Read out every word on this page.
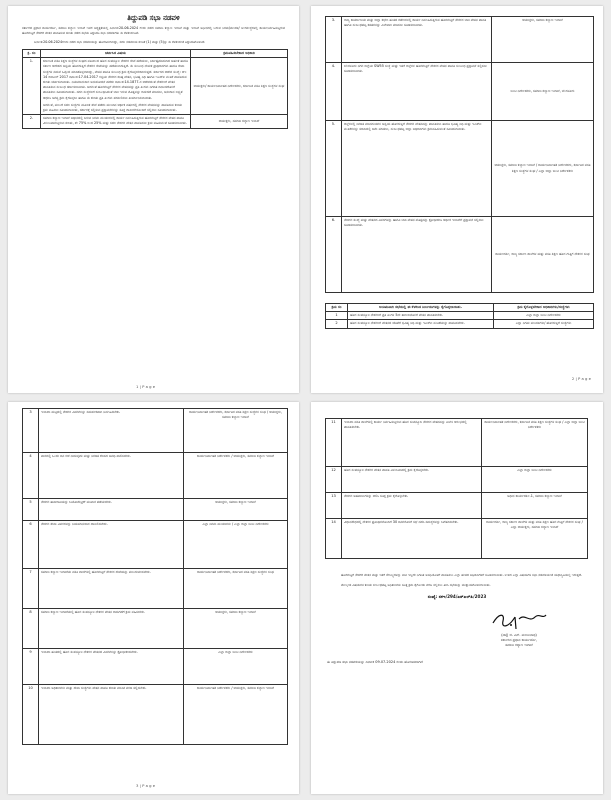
ತಿದ್ದುಪಡಿ ಸಭಾ ನಡವಳಿ
ಸರ್ಕಾರದ ಪ್ರಧಾನ ಕಾರ್ಯದರ್ಶಿ, ಸಮಾಜ ಕಲ್ಯಾಣ ಇಲಾಖೆ ಇವರ ಅಧ್ಯಕ್ಷತೆಯಲ್ಲಿ ದಿನಾಂಕ:20-06-2024 ರಂದು ನಡೆದ ಸಮಾಜ ಕಲ್ಯಾಣ ಇಲಾಖೆ ಮತ್ತು ಇಲಾಖೆ ಅಧೀನದಲ್ಲಿ ಬರುವ ನಿಗಮ/ಮಂಡಳಿ/ ಅಂಗಸಂಸ್ಥೆಗಳಲ್ಲಿ ಕಾರ್ಯನಿರ್ವಹಿಸುತ್ತಿರುವ ಹೊರಗುತ್ತಿಗೆ ನೌಕರರ ವೇತನ ಪಾವತಿಸುವ ಕುರಿತು ನಡೆದ ಸಭೆಯ ತಿದ್ದುಪಡಿ ಸಭಾ ನಡವಳಿಗಳು ಈ ಕೆಳಕಂಡಂತಿವೆ.
ದಿನಾಂಕ:20.06.2024ರಂದು ನಡೆದ ಸಭಾ ನಡವಳಿಯನ್ನು ಹೊರಡಿಸಲಾಗಿದ್ದು, ಸದರಿ ನಡವಳಿಯ ಕಂಡಿಕೆ (1) ಮತ್ತು (5)ನ್ನು ಈ ಕೆಳಕಂಡಂತೆ ತಿದ್ದುಪಡಿಗೊಳಿಸಿದೆ.
ಕ್ರ. ಸಂ	ಚರ್ಚಿಸಿದ ವಿಷಯ	ಕ್ರಮವಹಿಸಬೇಕಾದ ಅಧಿಕಾರಿ
1.	ಕರ್ನಾಟಕ ವಸತಿ ಶಿಕ್ಷಣ ಸಂಸ್ಥೆಗಳ ಸಂಘದ ವತಿಯಿಂದ ಹೊರ ಸಂಪನ್ಮೂಲ ನೌಕರರ ಸೇವೆ ಪಡೆಯಲು, ನಿರ್ದಿಷ್ಟಪಡಿಸಲಾದ ಅರ್ಹತೆ ಹಾಗೂ ಸರ್ಕಾರಿ ಆದೇಶದ ಅನ್ವಯ ಹೊರಗುತ್ತಿಗೆ ನೌಕರರ ಸೇವೆಯನ್ನು ಪಡೆಯಲಾಗುತ್ತಿದೆ. ಈ ಸಂಬಂಧ ನೇಮಕ ಪ್ರಾಧಿಕಾರಗಳು ಹಾಗೂ ಸೇವಾ ಸಂಸ್ಥೆಗಳ ನಡುವೆ ಒಪ್ಪಂದ ಮಾಡಿಕೊಳ್ಳಲಾಗಿದ್ದು, ವೇತನ ಪಾವತಿ ಸಂಬಂಧ ಕ್ರಮ ಕೈಗೊಳ್ಳಬೇಕಾಗಿರುತ್ತದೆ. ಸರ್ಕಾರದ ಆದೇಶ ಸಂಖ್ಯೆ: ಆಇ 14 ಬಿಜಿಎಲ್ 2017 ದಿನಾಂಕ:17.04.2017 ರನ್ವಯ ನೌಕರರ ಕನಿಷ್ಠ ವೇತನ, ಭವಿಷ್ಯ ನಿಧಿ ಹಾಗೂ ಇಎಸ್‌ಐ ವಂತಿಕೆ ಪಾವತಿಸುವ ಕುರಿತು ಚರ್ಚಿಸಲಾಯಿತು. ನಿಯಮಾನುಸಾರ ಅನುಮೋದನೆ ಪಡೆದು ದಿನಾಂಕ:14.1877-ರ ಆದೇಶದಂತೆ ನೌಕರರಿಗೆ ವೇತನ ಪಾವತಿಸುವ ಸಂಬಂಧ ಚರ್ಚಿಸಲಾಯಿತು. ಅದರಂತೆ ಹೊರಗುತ್ತಿಗೆ ನೌಕರರ ವೇತನವನ್ನು ಪ್ರತಿ ತಿಂಗಳು ನಿಗದಿತ ದಿನಾಂಕದೊಳಗೆ ಪಾವತಿಸಲು ಸೂಚಿಸಲಾಯಿತು. ಸದರಿ ಸಂಸ್ಥೆಗಳಿಗೆ ಸಂಬಂಧಿಸಿದಂತೆ ಬಾಕಿ ಇರುವ ಮೊತ್ತವನ್ನು ಬಿಡುಗಡೆ ಮಾಡಲು, ಅನುದಾನ ಲಭ್ಯತೆ ಆಧರಿಸಿ ಅಗತ್ಯ ಕ್ರಮ ಕೈಗೊಳ್ಳಲು ಹಾಗೂ ಈ ಕುರಿತು ಪ್ರತಿ ತಿಂಗಳು ಪರಿಶೀಲಿಸಲು ತೀರ್ಮಾನಿಸಲಾಯಿತು.
ಅದರಂತೆ, ಮುಂದೆ ಸದರಿ ಸಂಸ್ಥೆಗಳ ಮೂಲಕ ಸೇವೆ ಪಡೆದು ಮುಂದಿನ ಆರ್ಥಿಕ ವರ್ಷದಲ್ಲಿ ನೌಕರರ ವೇತನವನ್ನು ಪಾವತಿಸುವ ಕುರಿತು ಕ್ರಮ ವಹಿಸಲು ಸೂಚಿಸಲಾಯಿತು, ಸರ್ಕಾರಕ್ಕೆ ಸಲ್ಲಿಸುವ ಪ್ರಸ್ತಾವನೆಗಳನ್ನು ಸೂಕ್ತ ದಾಖಲೆಗಳೊಂದಿಗೆ ಸಲ್ಲಿಸಲು ಸೂಚಿಸಲಾಯಿತು.	ಆಯುಕ್ತರು/ ಕಾರ್ಯನಿರ್ವಾಹಕ ನಿರ್ದೇಶಕರು, ಕರ್ನಾಟಕ ವಸತಿ ಶಿಕ್ಷಣ ಸಂಸ್ಥೆಗಳ ಸಂಘ
2.	ಸಮಾಜ ಕಲ್ಯಾಣ ಇಲಾಖೆ ಅಧೀನದಲ್ಲಿ ಬರುವ ನಿಗಮ ಮಂಡಳಿಗಳಲ್ಲಿ ಕಾರ್ಯ ನಿರ್ವಹಿಸುತ್ತಿರುವ ಹೊರಗುತ್ತಿಗೆ ನೌಕರರ ವೇತನ ಪಾವತಿ ವಿಳಂಬವಾಗುತ್ತಿರುವ ಕುರಿತು, ಶೇ 75% ರಿಂದ 25% ಮತ್ತು ಸದರಿ ನೌಕರರ ವೇತನ ಪಾವತಿಸಲು ಕ್ರಮ ವಹಿಸುವಂತೆ ಸೂಚಿಸಲಾಯಿತು.	ಆಯುಕ್ತರು, ಸಮಾಜ ಕಲ್ಯಾಣ ಇಲಾಖೆ
1 | P a g e
3.	ರಾಜ್ಯ ಕಾರ್ಯಾಲಯ ಮತ್ತು ಜಿಲ್ಲಾ ಕಛೇರಿ ಹಂತದ ಕಚೇರಿಗಳಲ್ಲಿ ಕಾರ್ಯ ನಿರ್ವಹಿಸುತ್ತಿರುವ ಹೊರಗುತ್ತಿಗೆ ನೌಕರರ ಬಾಕಿ ವೇತನ ಪಾವತಿ ಹಾಗೂ ಸಂಬಂಧಪಟ್ಟ ಕಡತಗಳನ್ನು ವಿಲೇವಾರಿ ಮಾಡಲು ಸೂಚಿಸಲಾಯಿತು.	ಆಯುಕ್ತರು, ಸಮಾಜ ಕಲ್ಯಾಣ ಇಲಾಖೆ
4.	ಬೆಂಗಳೂರು ನಗರ ಜಿಲ್ಲೆಯ SW55 ಸಂಸ್ಥೆ ಮತ್ತು ಇತರೆ ಜಿಲ್ಲೆಗಳ ಹೊರಗುತ್ತಿಗೆ ನೌಕರರ ವೇತನ ಪಾವತಿ ಸಂಬಂಧ ಪ್ರಸ್ತಾವನೆ ಸಲ್ಲಿಸಲು ಸೂಚಿಸಲಾಯಿತು.	ಜಂಟಿ ನಿರ್ದೇಶಕರು, ಸಮಾಜ ಕಲ್ಯಾಣ ಇಲಾಖೆ, ಬೆಂಗಳೂರು
5.	ಜಿಲ್ಲೆಗಳಲ್ಲಿ ನಿಗದಿತ ಮಾನದಂಡಗಳ ಅನ್ವಯ ಹೊರಗುತ್ತಿಗೆ ನೌಕರರ ವೇತನವನ್ನು ಪಾವತಿಸಲು ಹಾಗೂ ಭವಿಷ್ಯ ನಿಧಿ ಮತ್ತು ಇಎಸ್‌ಐ ವಂತಿಕೆಗಳನ್ನು ಸಕಾಲದಲ್ಲಿ ಜಮೆ ಮಾಡಲು, ಸಂಬಂಧಪಟ್ಟ ಜಿಲ್ಲಾ ಅಧಿಕಾರಿಗಳು ಕ್ರಮವಹಿಸುವಂತೆ ಸೂಚಿಸಲಾಯಿತು.	ಆಯುಕ್ತರು, ಸಮಾಜ ಕಲ್ಯಾಣ ಇಲಾಖೆ / ಕಾರ್ಯನಿರ್ವಾಹಕ ನಿರ್ದೇಶಕರು, ಕರ್ನಾಟಕ ವಸತಿ ಶಿಕ್ಷಣ ಸಂಸ್ಥೆಗಳ ಸಂಘ / ಎಲ್ಲಾ ಜಿಲ್ಲಾ ಜಂಟಿ ನಿರ್ದೇಶಕರು
6.	ನೌಕರರ ಸಂಖ್ಯೆ ಮತ್ತು ವೇತನದ ವಿವರಗಳನ್ನು ಹಾಗೂ ಬಾಕಿ ವೇತನ ಮೊತ್ತವನ್ನು ಕ್ರೋಢೀಕರಿಸಿ ಆರ್ಥಿಕ ಇಲಾಖೆಗೆ ಪ್ರಸ್ತಾವನೆ ಸಲ್ಲಿಸಲು ಸೂಚಿಸಲಾಯಿತು.	ಕಾರ್ಯದರ್ಶಿ, ರಾಜ್ಯ ಸರ್ಕಾರಿ ಶಾಲೆಗಳ ಮತ್ತು ವಸತಿ ಶಿಕ್ಷಣ ಹೊರ ಗುತ್ತಿಗೆ ನೌಕರರ ಸಂಘ
ಕ್ರಮ ಸಂ	ಅಂತಿಮವಾಗಿ ಸಭೆಯಲ್ಲಿ ಈ ಕೆಳಕಂಡ ನಿರ್ಣಯಗಳನ್ನು ಕೈಗೊಳ್ಳಲಾಯಿತು.	ಕ್ರಮ ಕೈಗೊಳ್ಳಬೇಕಾದ ಅಧಿಕಾರಿಗಳು/ಸಂಸ್ಥೆಗಳು
1	ಹೊರ ಸಂಪನ್ಮೂಲ ನೌಕರರಿಗೆ ಪ್ರತಿ ತಿಂಗಳ 5ನೇ ತಾರೀಖಿನೊಳಗೆ ವೇತನ ಪಾವತಿಸಬೇಕು.	ಎಲ್ಲಾ ಜಿಲ್ಲಾ ಜಂಟಿ ನಿರ್ದೇಶಕರು
2	ಹೊರ ಸಂಪನ್ಮೂಲ ನೌಕರರಿಗೆ ವೇತನದ ಜೊತೆಗೆ ಭವಿಷ್ಯ ನಿಧಿ ಮತ್ತು ಇಎಸ್‌ಐ ವಂತಿಕೆಯನ್ನು ಪಾವತಿಸಬೇಕು.	ಎಲ್ಲಾ ನಿಗಮ ಮಂಡಳಿಗಳು/ ಹೊರಗುತ್ತಿಗೆ ಸಂಸ್ಥೆಗಳು
2 | P a g e
3	ಇಲಾಖಾ ಮಟ್ಟದಲ್ಲಿ ನೌಕರರ ವಿವರಗಳನ್ನು ಸಮರ್ಪಕವಾಗಿ ನಿರ್ವಹಿಸಬೇಕು.	ಕಾರ್ಯನಿರ್ವಾಹಕ ನಿರ್ದೇಶಕರು, ಕರ್ನಾಟಕ ವಸತಿ ಶಿಕ್ಷಣ ಸಂಸ್ಥೆಗಳ ಸಂಘ / ಆಯುಕ್ತರು, ಸಮಾಜ ಕಲ್ಯಾಣ ಇಲಾಖೆ
4	ವಾರದಲ್ಲಿ ಒಂದು ದಿನ ರಜೆ ನೀಡುವುದು ಮತ್ತು ನಿಗದಿತ ಕೆಲಸದ ಅವಧಿ ಪಾಲಿಸಬೇಕು.	ಕಾರ್ಯನಿರ್ವಾಹಕ ನಿರ್ದೇಶಕರು / ಆಯುಕ್ತರು, ಸಮಾಜ ಕಲ್ಯಾಣ ಇಲಾಖೆ
5	ನೌಕರರ ಹಾಜರಾತಿಯನ್ನು ಬಯೋಮೆಟ್ರಿಕ್ ಮೂಲಕ ಪಡೆಯಬೇಕು.	ಆಯುಕ್ತರು, ಸಮಾಜ ಕಲ್ಯಾಣ ಇಲಾಖೆ
6	ನೌಕರರ ಸೇವಾ ವಿವರಗಳನ್ನು ನಿಯಮಾನುಸಾರ ದಾಖಲಿಸಬೇಕು.	ಎಲ್ಲಾ ನಿಗಮ ಮಂಡಳಿಗಳು / ಎಲ್ಲಾ ಜಿಲ್ಲಾ ಜಂಟಿ ನಿರ್ದೇಶಕರು
7	ಸಮಾಜ ಕಲ್ಯಾಣ ಇಲಾಖೆಯ ವಸತಿ ಶಾಲೆಗಳಲ್ಲಿ ಹೊರಗುತ್ತಿಗೆ ನೌಕರರ ಸೇವೆಯನ್ನು ಮುಂದುವರಿಸಬೇಕು.	ಕಾರ್ಯನಿರ್ವಾಹಕ ನಿರ್ದೇಶಕರು, ಕರ್ನಾಟಕ ವಸತಿ ಶಿಕ್ಷಣ ಸಂಸ್ಥೆಗಳ ಸಂಘ
8	ಸಮಾಜ ಕಲ್ಯಾಣ ಇಲಾಖೆಯಲ್ಲಿ ಹೊರ ಸಂಪನ್ಮೂಲ ನೌಕರರ ವೇತನ ಬಿಡುಗಡೆಗೆ ಕ್ರಮ ವಹಿಸಬೇಕು.	ಆಯುಕ್ತರು, ಸಮಾಜ ಕಲ್ಯಾಣ ಇಲಾಖೆ
9	ಇಲಾಖಾ ಹಂತದಲ್ಲಿ ಹೊರ ಸಂಪನ್ಮೂಲ ನೌಕರರ ವೇತನದ ವಿವರಗಳನ್ನು ಕ್ರೋಢೀಕರಿಸಬೇಕು.	ಎಲ್ಲಾ ಜಿಲ್ಲಾ ಜಂಟಿ ನಿರ್ದೇಶಕರು
10	ಇಲಾಖಾ ಅಧಿಕಾರಿಗಳು ಮತ್ತು ಸೇವಾ ಸಂಸ್ಥೆಗಳು ವೇತನ ಪಾವತಿ ಕುರಿತು ಮಾಸಿಕ ವರದಿ ಸಲ್ಲಿಸಬೇಕು.	ಕಾರ್ಯನಿರ್ವಾಹಕ ನಿರ್ದೇಶಕರು / ಆಯುಕ್ತರು, ಸಮಾಜ ಕಲ್ಯಾಣ ಇಲಾಖೆ
3 | P a g e
11	ಇಲಾಖಾ ವಸತಿ ಶಾಲೆಗಳಲ್ಲಿ ಕಾರ್ಯ ನಿರ್ವಹಿಸುತ್ತಿರುವ ಹೊರ ಸಂಪನ್ಮೂಲ ನೌಕರರ ವೇತನವನ್ನು ತಿಂಗಳ ಆರಂಭದಲ್ಲಿ ಪಾವತಿಸಬೇಕು.	ಕಾರ್ಯನಿರ್ವಾಹಕ ನಿರ್ದೇಶಕರು, ಕರ್ನಾಟಕ ವಸತಿ ಶಿಕ್ಷಣ ಸಂಸ್ಥೆಗಳ ಸಂಘ / ಎಲ್ಲಾ ಜಿಲ್ಲಾ ಜಂಟಿ ನಿರ್ದೇಶಕರು
12	ಹೊರ ಸಂಪನ್ಮೂಲ ನೌಕರರ ವೇತನ ಪಾವತಿ ವಿಳಂಬವಾದಲ್ಲಿ ಕ್ರಮ ಕೈಗೊಳ್ಳಬೇಕು.	ಎಲ್ಲಾ ಜಿಲ್ಲಾ ಜಂಟಿ ನಿರ್ದೇಶಕರು
13	ನೌಕರರ ಅಹವಾಲುಗಳನ್ನು ಆಲಿಸಿ ಸೂಕ್ತ ಕ್ರಮ ಕೈಗೊಳ್ಳಬೇಕು.	ಅಧೀನ ಕಾರ್ಯದರ್ಶಿ-1, ಸಮಾಜ ಕಲ್ಯಾಣ ಇಲಾಖೆ
14	ವಿಧಾನಸೌಧದಲ್ಲಿ ನೌಕರರ ಪ್ರತಿನಿಧಿಗಳೊಂದಿಗೆ 30 ದಿನಗಳೊಳಗೆ ಸಭೆ ನಡೆಸಿ ಸಮಸ್ಯೆಗಳನ್ನು ಬಗೆಹರಿಸಬೇಕು.	ಕಾರ್ಯದರ್ಶಿ, ರಾಜ್ಯ ಸರ್ಕಾರಿ ಶಾಲೆಗಳ ಮತ್ತು ವಸತಿ ಶಿಕ್ಷಣ ಹೊರ ಗುತ್ತಿಗೆ ನೌಕರರ ಸಂಘ / ಎಲ್ಲಾ ಆಯುಕ್ತರು, ಸಮಾಜ ಕಲ್ಯಾಣ ಇಲಾಖೆ
ಹೊರಗುತ್ತಿಗೆ ನೌಕರರ ವೇತನ ಮತ್ತು ಇತರೆ ಸೌಲಭ್ಯಗಳನ್ನು ಬಾಕಿ ಇಲ್ಲದೇ ನಿಗದಿತ ಅವಧಿಯೊಳಗೆ ಪಾವತಿಸಲು ಎಲ್ಲಾ ಹಂತದ ಅಧಿಕಾರಿಗಳಿಗೆ ಸೂಚಿಸಲಾಯಿತು. ಉಳಿದ ಎಲ್ಲಾ ವಿಷಯಗಳ ಸಭಾ ನಡವಳಿಯಂತೆ ಯಥಾಸ್ಥಿತಿಯಲ್ಲಿ ಇರುತ್ತದೆ.
ಮೇಲ್ಕಂಡ ವಿಷಯಗಳ ಕುರಿತು ಸಂಬಂಧಪಟ್ಟ ಅಧಿಕಾರಿಗಳು ಸೂಕ್ತ ಕ್ರಮ ಕೈಗೊಂಡು ವರದಿ ಸಲ್ಲಿಸಲು ತಿಳಿಸಿ ಸಭೆಯನ್ನು ಮುಕ್ತಾಯಗೊಳಿಸಲಾಯಿತು.
ಸಂಖ್ಯೆ: ಸಕಇ/294/ಎಸ್‌ಎಲ್‌ಪಿ/2023
(ಡಾ|| ಜಿ. ಎನ್. ಮಂಜುನಾಥ)
ಸರ್ಕಾರದ ಪ್ರಧಾನ ಕಾರ್ಯದರ್ಶಿ,
ಸಮಾಜ ಕಲ್ಯಾಣ ಇಲಾಖೆ
ಈ ತಿದ್ದುಪಡಿ ಸಭಾ ನಡವಳಿಯನ್ನು ದಿನಾಂಕ 09.07.2024 ರಂದು ಹೊರಡಿಸಲಾಗಿದೆ
